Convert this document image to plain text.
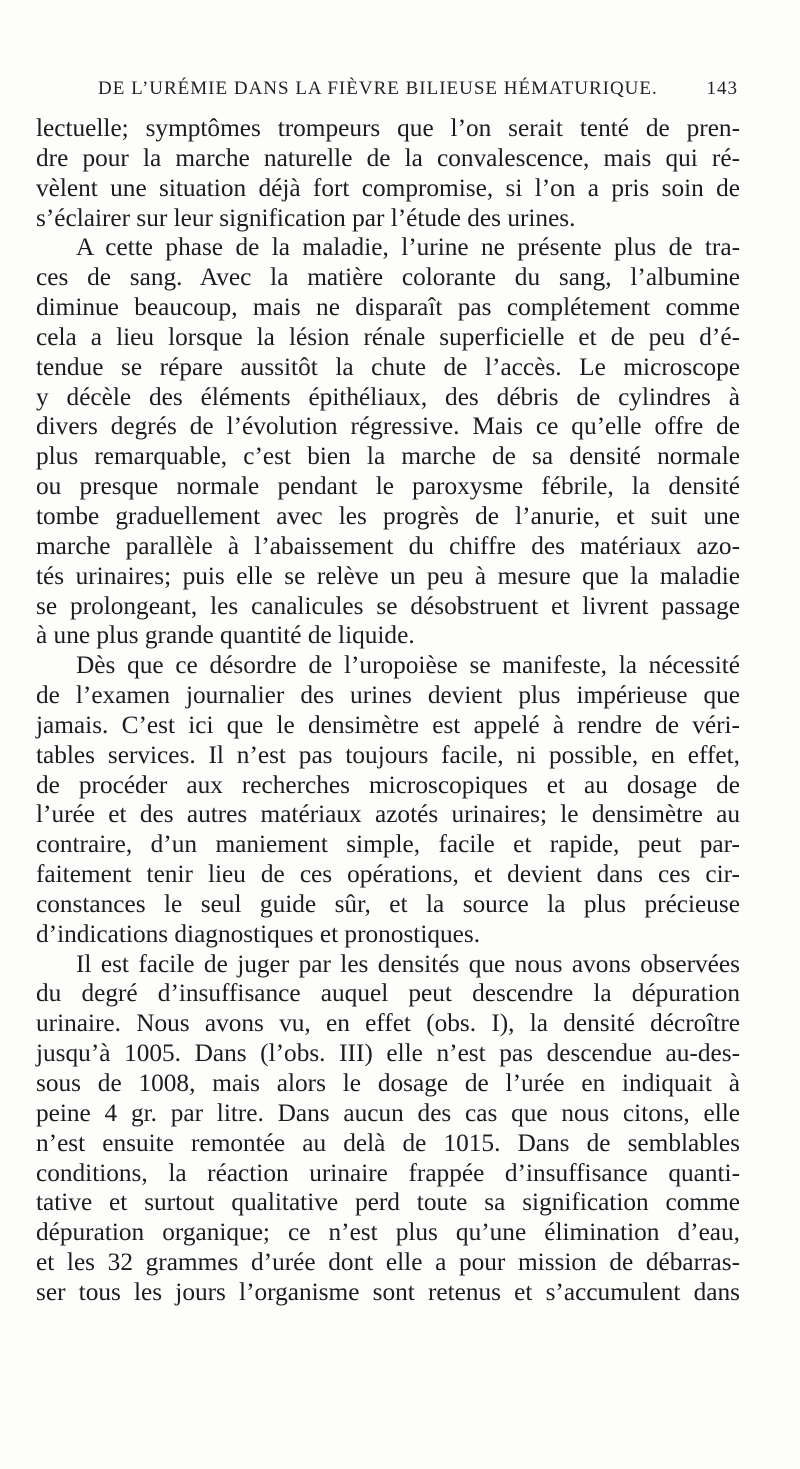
DE L’URÉMIE DANS LA FIÈVRE BILIEUSE HÉMATURIQUE.	143
lectuelle; symptômes trompeurs que l’on serait tenté de pren-
dre pour la marche naturelle de la convalescence, mais qui ré-
vèlent une situation déjà fort compromise, si l’on a pris soin de
s’éclairer sur leur signification par l’étude des urines.
A cette phase de la maladie, l’urine ne présente plus de tra-
ces de sang. Avec la matière colorante du sang, l’albumine
diminue beaucoup, mais ne disparaît pas complétement comme
cela a lieu lorsque la lésion rénale superficielle et de peu d’é-
tendue se répare aussitôt la chute de l’accès. Le microscope
y décèle des éléments épithéliaux, des débris de cylindres à
divers degrés de l’évolution régressive. Mais ce qu’elle offre de
plus remarquable, c’est bien la marche de sa densité normale
ou presque normale pendant le paroxysme fébrile, la densité
tombe graduellement avec les progrès de l’anurie, et suit une
marche parallèle à l’abaissement du chiffre des matériaux azo-
tés urinaires; puis elle se relève un peu à mesure que la maladie
se prolongeant, les canalicules se désobstruent et livrent passage
à une plus grande quantité de liquide.
Dès que ce désordre de l’uropoièse se manifeste, la nécessité
de l’examen journalier des urines devient plus impérieuse que
jamais. C’est ici que le densimètre est appelé à rendre de véri-
tables services. Il n’est pas toujours facile, ni possible, en effet,
de procéder aux recherches microscopiques et au dosage de
l’urée et des autres matériaux azotés urinaires; le densimètre au
contraire, d’un maniement simple, facile et rapide, peut par-
faitement tenir lieu de ces opérations, et devient dans ces cir-
constances le seul guide sûr, et la source la plus précieuse
d’indications diagnostiques et pronostiques.
Il est facile de juger par les densités que nous avons observées
du degré d’insuffisance auquel peut descendre la dépuration
urinaire. Nous avons vu, en effet (obs. I), la densité décroître
jusqu’à 1005. Dans (l’obs. III) elle n’est pas descendue au-des-
sous de 1008, mais alors le dosage de l’urée en indiquait à
peine 4 gr. par litre. Dans aucun des cas que nous citons, elle
n’est ensuite remontée au delà de 1015. Dans de semblables
conditions, la réaction urinaire frappée d’insuffisance quanti-
tative et surtout qualitative perd toute sa signification comme
dépuration organique; ce n’est plus qu’une élimination d’eau,
et les 32 grammes d’urée dont elle a pour mission de débarras-
ser tous les jours l’organisme sont retenus et s’accumulent dans
